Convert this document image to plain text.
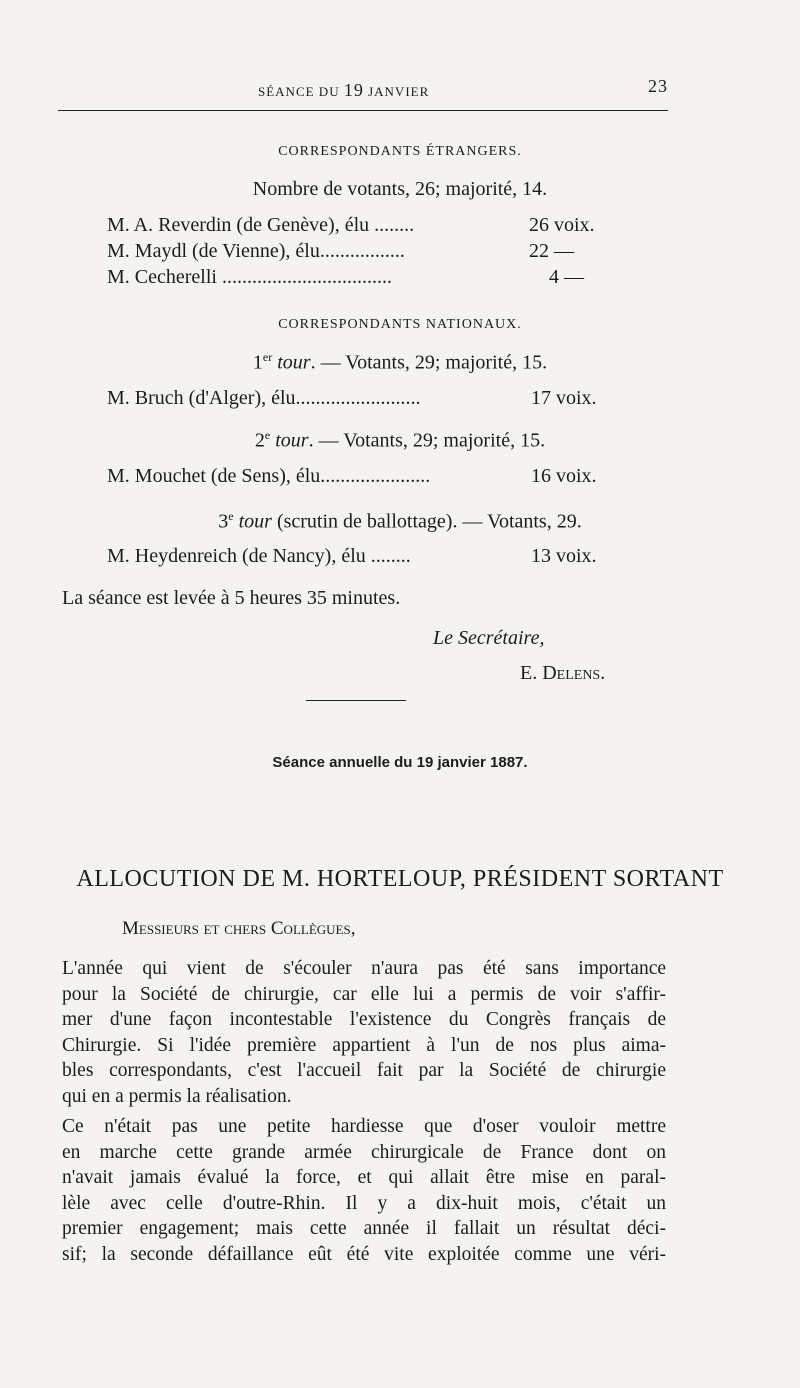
SÉANCE DU 19 JANVIER	23
CORRESPONDANTS ÉTRANGERS.
Nombre de votants, 26; majorité, 14.
M. A. Reverdin (de Genève), élu ........	26 voix.
M. Maydl (de Vienne), élu.................	22 —
M. Cecherelli ..................................	4 —
CORRESPONDANTS NATIONAUX.
1er tour. — Votants, 29; majorité, 15.
M. Bruch (d'Alger), élu.........................	17 voix.
2e tour. — Votants, 29; majorité, 15.
M. Mouchet (de Sens), élu......................	16 voix.
3e tour (scrutin de ballottage). — Votants, 29.
M. Heydenreich (de Nancy), élu ........	13 voix.
La séance est levée à 5 heures 35 minutes.
Le Secrétaire,
E. Delens.
Séance annuelle du 19 janvier 1887.
ALLOCUTION DE M. HORTELOUP, PRÉSIDENT SORTANT
Messieurs et chers Collègues,
L'année qui vient de s'écouler n'aura pas été sans importance
pour la Société de chirurgie, car elle lui a permis de voir s'affir-
mer d'une façon incontestable l'existence du Congrès français de
Chirurgie. Si l'idée première appartient à l'un de nos plus aima-
bles correspondants, c'est l'accueil fait par la Société de chirurgie
qui en a permis la réalisation.
Ce n'était pas une petite hardiesse que d'oser vouloir mettre
en marche cette grande armée chirurgicale de France dont on
n'avait jamais évalué la force, et qui allait être mise en paral-
lèle avec celle d'outre-Rhin. Il y a dix-huit mois, c'était un
premier engagement; mais cette année il fallait un résultat déci-
sif; la seconde défaillance eût été vite exploitée comme une véri-
